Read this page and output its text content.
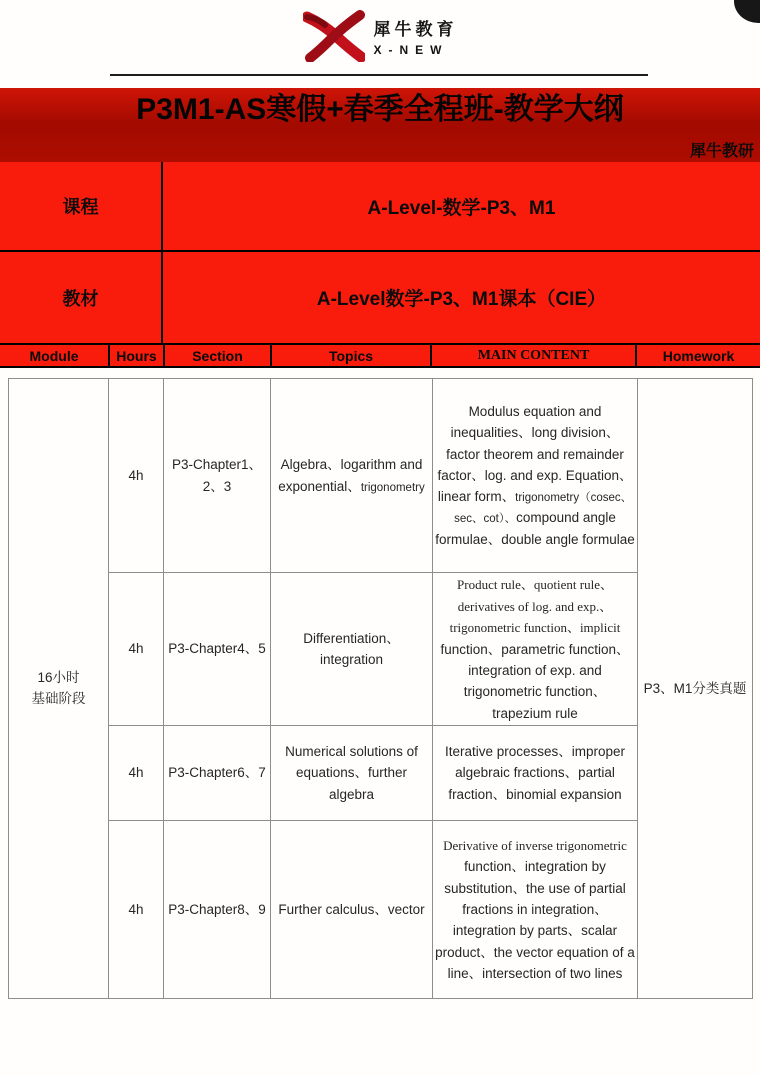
犀牛教育
X-NEW
P3M1-AS寒假+春季全程班-教学大纲
犀牛教研
课程	A-Level-数学-P3、M1
教材	A-Level数学-P3、M1课本（CIE）
Module	Hours	Section	Topics	MAIN CONTENT	Homework
16小时
基础阶段	4h	P3-Chapter1、2、3	Algebra、logarithm and exponential、trigonometry	Modulus equation and inequalities、long division、factor theorem and remainder factor、log. and exp. Equation、linear form、trigonometry（cosec、sec、cot）、compound angle formulae、double angle formulae	P3、M1分类真题
	4h	P3-Chapter4、5	Differentiation、integration	Product rule、quotient rule、derivatives of log. and exp.、trigonometric function、implicit function、parametric function、integration of exp. and trigonometric function、trapezium rule	
	4h	P3-Chapter6、7	Numerical solutions of equations、further algebra	Iterative processes、improper algebraic fractions、partial fraction、binomial expansion	
	4h	P3-Chapter8、9	Further calculus、vector	Derivative of inverse trigonometric function、integration by substitution、the use of partial fractions in integration、integration by parts、scalar product、the vector equation of a line、intersection of two lines	
